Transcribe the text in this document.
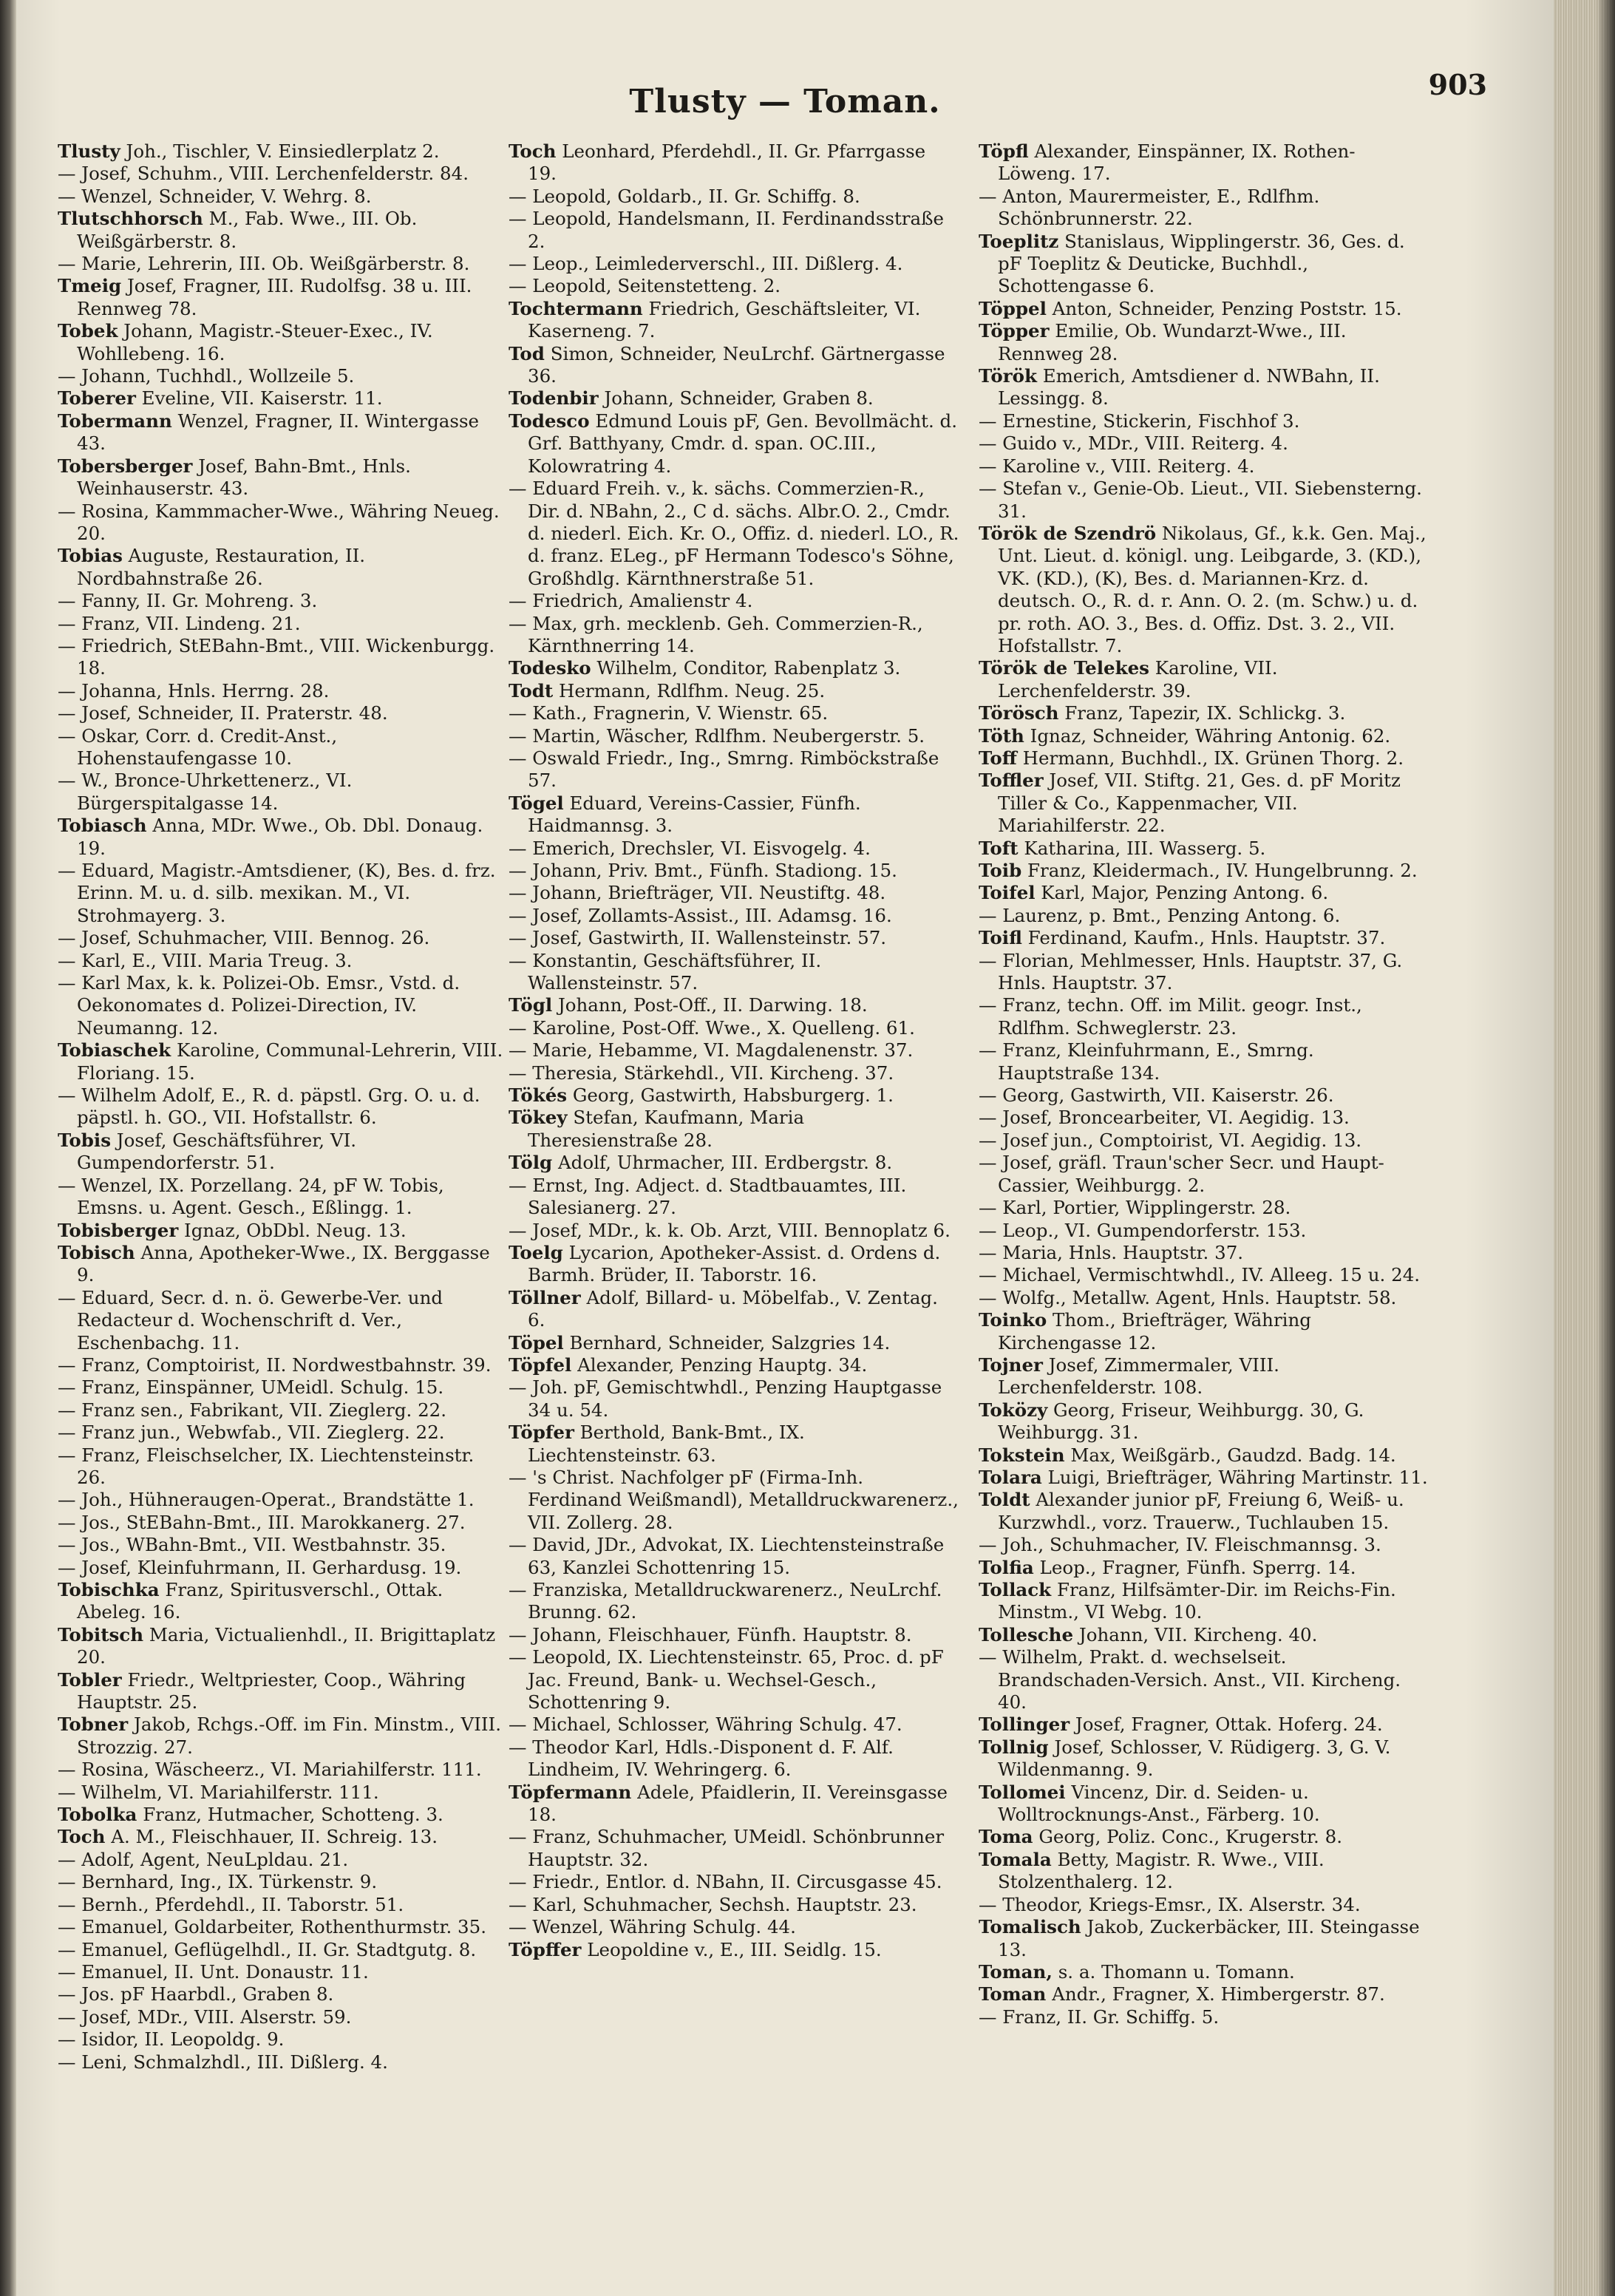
Tlusty — Toman.	903

Tlusty Joh., Tischler, V. Einsiedlerplatz 2.

— Josef, Schuhm., VIII. Lerchenfelderstr. 84.

— Wenzel, Schneider, V. Wehrg. 8.

Tlutschhorsch M., Fab. Wwe., III. Ob. Weißgärberstr. 8.

— Marie, Lehrerin, III. Ob. Weißgärberstr. 8.

Tmeig Josef, Fragner, III. Rudolfsg. 38 u. III. Rennweg 78.

Tobek Johann, Magistr.-Steuer-Exec., IV. Wohllebeng. 16.

— Johann, Tuchhdl., Wollzeile 5.

Toberer Eveline, VII. Kaiserstr. 11.

Tobermann Wenzel, Fragner, II. Wintergasse 43.

Tobersberger Josef, Bahn-Bmt., Hnls. Weinhauserstr. 43.

— Rosina, Kammmacher-Wwe., Währing Neueg. 20.

Tobias Auguste, Restauration, II. Nordbahnstraße 26.

— Fanny, II. Gr. Mohreng. 3.

— Franz, VII. Lindeng. 21.

— Friedrich, StEBahn-Bmt., VIII. Wickenburgg. 18.

— Johanna, Hnls. Herrng. 28.

— Josef, Schneider, II. Praterstr. 48.

— Oskar, Corr. d. Credit-Anst., Hohenstaufengasse 10.

— W., Bronce-Uhrkettenerz., VI. Bürgerspitalgasse 14.

Tobiasch Anna, MDr. Wwe., Ob. Dbl. Donaug. 19.

— Eduard, Magistr.-Amtsdiener, (K), Bes. d. frz. Erinn. M. u. d. silb. mexikan. M., VI. Strohmayerg. 3.

— Josef, Schuhmacher, VIII. Bennog. 26.

— Karl, E., VIII. Maria Treug. 3.

— Karl Max, k. k. Polizei-Ob. Emsr., Vstd. d. Oekonomates d. Polizei-Direction, IV. Neumanng. 12.

Tobiaschek Karoline, Communal-Lehrerin, VIII. Floriang. 15.

— Wilhelm Adolf, E., R. d. päpstl. Grg. O. u. d. päpstl. h. GO., VII. Hofstallstr. 6.

Tobis Josef, Geschäftsführer, VI. Gumpendorferstr. 51.

— Wenzel, IX. Porzellang. 24, pF W. Tobis, Emsns. u. Agent. Gesch., Eßlingg. 1.

Tobisberger Ignaz, ObDbl. Neug. 13.

Tobisch Anna, Apotheker-Wwe., IX. Berggasse 9.

— Eduard, Secr. d. n. ö. Gewerbe-Ver. und Redacteur d. Wochenschrift d. Ver., Eschenbachg. 11.

— Franz, Comptoirist, II. Nordwestbahnstr. 39.

— Franz, Einspänner, UMeidl. Schulg. 15.

— Franz sen., Fabrikant, VII. Zieglerg. 22.

— Franz jun., Webwfab., VII. Zieglerg. 22.

— Franz, Fleischselcher, IX. Liechtensteinstr. 26.

— Joh., Hühneraugen-Operat., Brandstätte 1.

— Jos., StEBahn-Bmt., III. Marokkanerg. 27.

— Jos., WBahn-Bmt., VII. Westbahnstr. 35.

— Josef, Kleinfuhrmann, II. Gerhardusg. 19.

Tobischka Franz, Spiritusverschl., Ottak. Abeleg. 16.

Tobitsch Maria, Victualienhdl., II. Brigittaplatz 20.

Tobler Friedr., Weltpriester, Coop., Währing Hauptstr. 25.

Tobner Jakob, Rchgs.-Off. im Fin. Minstm., VIII. Strozzig. 27.

— Rosina, Wäscheerz., VI. Mariahilferstr. 111.

— Wilhelm, VI. Mariahilferstr. 111.

Tobolka Franz, Hutmacher, Schotteng. 3.

Toch A. M., Fleischhauer, II. Schreig. 13.

— Adolf, Agent, NeuLpldau. 21.

— Bernhard, Ing., IX. Türkenstr. 9.

— Bernh., Pferdehdl., II. Taborstr. 51.

— Emanuel, Goldarbeiter, Rothenthurmstr. 35.

— Emanuel, Geflügelhdl., II. Gr. Stadtgutg. 8.

— Emanuel, II. Unt. Donaustr. 11.

— Jos. pF Haarbdl., Graben 8.

— Josef, MDr., VIII. Alserstr. 59.

— Isidor, II. Leopoldg. 9.

— Leni, Schmalzhdl., III. Dißlerg. 4.

Toch Leonhard, Pferdehdl., II. Gr. Pfarrgasse 19.

— Leopold, Goldarb., II. Gr. Schiffg. 8.

— Leopold, Handelsmann, II. Ferdinandsstraße 2.

— Leop., Leimlederverschl., III. Dißlerg. 4.

— Leopold, Seitenstetteng. 2.

Tochtermann Friedrich, Geschäftsleiter, VI. Kaserneng. 7.

Tod Simon, Schneider, NeuLrchf. Gärtnergasse 36.

Todenbir Johann, Schneider, Graben 8.

Todesco Edmund Louis pF, Gen. Bevollmächt. d. Grf. Batthyany, Cmdr. d. span. OC.III., Kolowratring 4.

— Eduard Freih. v., k. sächs. Commerzien-R., Dir. d. NBahn, 2., C d. sächs. Albr.O. 2., Cmdr. d. niederl. Eich. Kr. O., Offiz. d. niederl. LO., R. d. franz. ELeg., pF Hermann Todesco's Söhne, Großhdlg. Kärnthnerstraße 51.

— Friedrich, Amalienstr 4.

— Max, grh. mecklenb. Geh. Commerzien-R., Kärnthnerring 14.

Todesko Wilhelm, Conditor, Rabenplatz 3.

Todt Hermann, Rdlfhm. Neug. 25.

— Kath., Fragnerin, V. Wienstr. 65.

— Martin, Wäscher, Rdlfhm. Neubergerstr. 5.

— Oswald Friedr., Ing., Smrng. Rimböckstraße 57.

Tögel Eduard, Vereins-Cassier, Fünfh. Haidmannsg. 3.

— Emerich, Drechsler, VI. Eisvogelg. 4.

— Johann, Priv. Bmt., Fünfh. Stadiong. 15.

— Johann, Briefträger, VII. Neustiftg. 48.

— Josef, Zollamts-Assist., III. Adamsg. 16.

— Josef, Gastwirth, II. Wallensteinstr. 57.

— Konstantin, Geschäftsführer, II. Wallensteinstr. 57.

Tögl Johann, Post-Off., II. Darwing. 18.

— Karoline, Post-Off. Wwe., X. Quelleng. 61.

— Marie, Hebamme, VI. Magdalenenstr. 37.

— Theresia, Stärkehdl., VII. Kircheng. 37.

Tökés Georg, Gastwirth, Habsburgerg. 1.

Tökey Stefan, Kaufmann, Maria Theresienstraße 28.

Tölg Adolf, Uhrmacher, III. Erdbergstr. 8.

— Ernst, Ing. Adject. d. Stadtbauamtes, III. Salesianerg. 27.

— Josef, MDr., k. k. Ob. Arzt, VIII. Bennoplatz 6.

Toelg Lycarion, Apotheker-Assist. d. Ordens d. Barmh. Brüder, II. Taborstr. 16.

Töllner Adolf, Billard- u. Möbelfab., V. Zentag. 6.

Töpel Bernhard, Schneider, Salzgries 14.

Töpfel Alexander, Penzing Hauptg. 34.

— Joh. pF, Gemischtwhdl., Penzing Hauptgasse 34 u. 54.

Töpfer Berthold, Bank-Bmt., IX. Liechtensteinstr. 63.

— 's Christ. Nachfolger pF (Firma-Inh. Ferdinand Weißmandl), Metalldruckwarenerz., VII. Zollerg. 28.

— David, JDr., Advokat, IX. Liechtensteinstraße 63, Kanzlei Schottenring 15.

— Franziska, Metalldruckwarenerz., NeuLrchf. Brunng. 62.

— Johann, Fleischhauer, Fünfh. Hauptstr. 8.

— Leopold, IX. Liechtensteinstr. 65, Proc. d. pF Jac. Freund, Bank- u. Wechsel-Gesch., Schottenring 9.

— Michael, Schlosser, Währing Schulg. 47.

— Theodor Karl, Hdls.-Disponent d. F. Alf. Lindheim, IV. Wehringerg. 6.

Töpfermann Adele, Pfaidlerin, II. Vereinsgasse 18.

— Franz, Schuhmacher, UMeidl. Schönbrunner Hauptstr. 32.

— Friedr., Entlor. d. NBahn, II. Circusgasse 45.

— Karl, Schuhmacher, Sechsh. Hauptstr. 23.

— Wenzel, Währing Schulg. 44.

Töpffer Leopoldine v., E., III. Seidlg. 15.

Töpfl Alexander, Einspänner, IX. Rothen-Löweng. 17.

— Anton, Maurermeister, E., Rdlfhm. Schönbrunnerstr. 22.

Toeplitz Stanislaus, Wipplingerstr. 36, Ges. d. pF Toeplitz & Deuticke, Buchhdl., Schottengasse 6.

Töppel Anton, Schneider, Penzing Poststr. 15.

Töpper Emilie, Ob. Wundarzt-Wwe., III. Rennweg 28.

Török Emerich, Amtsdiener d. NWBahn, II. Lessingg. 8.

— Ernestine, Stickerin, Fischhof 3.

— Guido v., MDr., VIII. Reiterg. 4.

— Karoline v., VIII. Reiterg. 4.

— Stefan v., Genie-Ob. Lieut., VII. Siebensterng. 31.

Török de Szendrö Nikolaus, Gf., k.k. Gen. Maj., Unt. Lieut. d. königl. ung. Leibgarde, 3. (KD.), VK. (KD.), (K), Bes. d. Mariannen-Krz. d. deutsch. O., R. d. r. Ann. O. 2. (m. Schw.) u. d. pr. roth. AO. 3., Bes. d. Offiz. Dst. 3. 2., VII. Hofstallstr. 7.

Török de Telekes Karoline, VII. Lerchenfelderstr. 39.

Törösch Franz, Tapezir, IX. Schlickg. 3.

Töth Ignaz, Schneider, Währing Antonig. 62.

Toff Hermann, Buchhdl., IX. Grünen Thorg. 2.

Toffler Josef, VII. Stiftg. 21, Ges. d. pF Moritz Tiller & Co., Kappenmacher, VII. Mariahilferstr. 22.

Toft Katharina, III. Wasserg. 5.

Toib Franz, Kleidermach., IV. Hungelbrunng. 2.

Toifel Karl, Major, Penzing Antong. 6.

— Laurenz, p. Bmt., Penzing Antong. 6.

Toifl Ferdinand, Kaufm., Hnls. Hauptstr. 37.

— Florian, Mehlmesser, Hnls. Hauptstr. 37, G. Hnls. Hauptstr. 37.

— Franz, techn. Off. im Milit. geogr. Inst., Rdlfhm. Schweglerstr. 23.

— Franz, Kleinfuhrmann, E., Smrng. Hauptstraße 134.

— Georg, Gastwirth, VII. Kaiserstr. 26.

— Josef, Broncearbeiter, VI. Aegidig. 13.

— Josef jun., Comptoirist, VI. Aegidig. 13.

— Josef, gräfl. Traun'scher Secr. und Haupt-Cassier, Weihburgg. 2.

— Karl, Portier, Wipplingerstr. 28.

— Leop., VI. Gumpendorferstr. 153.

— Maria, Hnls. Hauptstr. 37.

— Michael, Vermischtwhdl., IV. Alleeg. 15 u. 24.

— Wolfg., Metallw. Agent, Hnls. Hauptstr. 58.

Toinko Thom., Briefträger, Währing Kirchengasse 12.

Tojner Josef, Zimmermaler, VIII. Lerchenfelderstr. 108.

Toközy Georg, Friseur, Weihburgg. 30, G. Weihburgg. 31.

Tokstein Max, Weißgärb., Gaudzd. Badg. 14.

Tolara Luigi, Briefträger, Währing Martinstr. 11.

Toldt Alexander junior pF, Freiung 6, Weiß- u. Kurzwhdl., vorz. Trauerw., Tuchlauben 15.

— Joh., Schuhmacher, IV. Fleischmannsg. 3.

Tolfia Leop., Fragner, Fünfh. Sperrg. 14.

Tollack Franz, Hilfsämter-Dir. im Reichs-Fin. Minstm., VI Webg. 10.

Tollesche Johann, VII. Kircheng. 40.

— Wilhelm, Prakt. d. wechselseit. Brandschaden-Versich. Anst., VII. Kircheng. 40.

Tollinger Josef, Fragner, Ottak. Hoferg. 24.

Tollnig Josef, Schlosser, V. Rüdigerg. 3, G. V. Wildenmanng. 9.

Tollomei Vincenz, Dir. d. Seiden- u. Wolltrocknungs-Anst., Färberg. 10.

Toma Georg, Poliz. Conc., Krugerstr. 8.

Tomala Betty, Magistr. R. Wwe., VIII. Stolzenthalerg. 12.

— Theodor, Kriegs-Emsr., IX. Alserstr. 34.

Tomalisch Jakob, Zuckerbäcker, III. Steingasse 13.

Toman, s. a. Thomann u. Tomann.

Toman Andr., Fragner, X. Himbergerstr. 87.

— Franz, II. Gr. Schiffg. 5.
